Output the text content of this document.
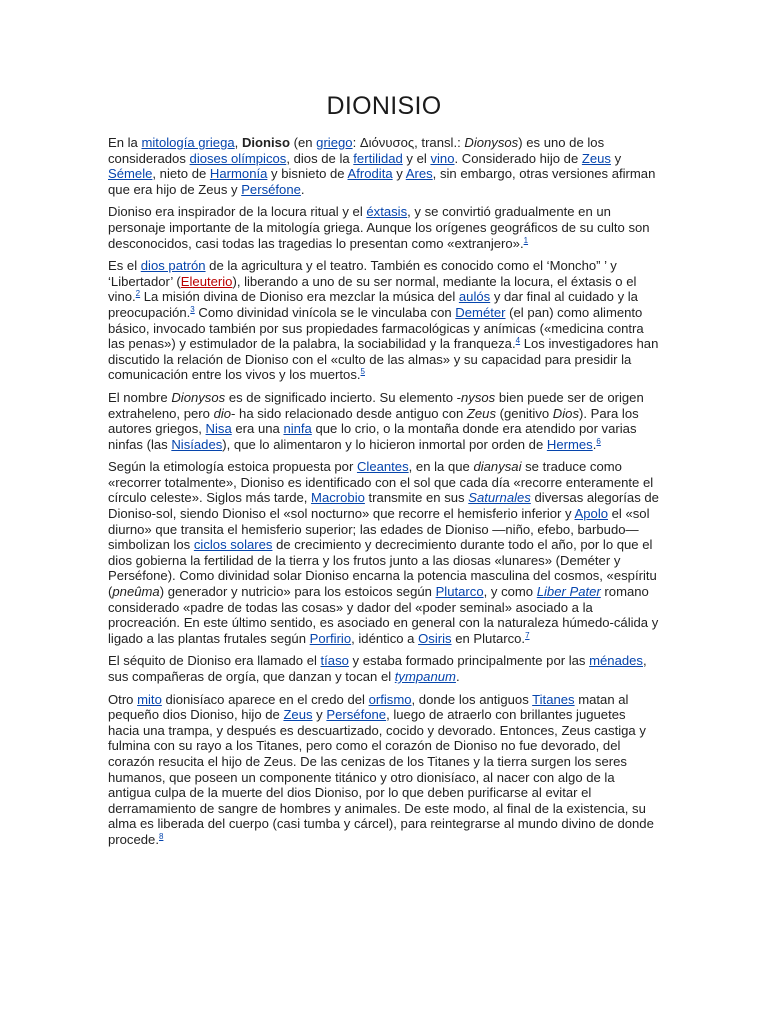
DIONISIO

En la mitología griega, Dioniso (en griego: Διόνυσος, transl.: Dionysos) es uno de los considerados dioses olímpicos, dios de la fertilidad y el vino. Considerado hijo de Zeus y Sémele, nieto de Harmonía y bisnieto de Afrodita y Ares, sin embargo, otras versiones afirman que era hijo de Zeus y Perséfone.

Dioniso era inspirador de la locura ritual y el éxtasis, y se convirtió gradualmente en un personaje importante de la mitología griega. Aunque los orígenes geográficos de su culto son desconocidos, casi todas las tragedias lo presentan como «extranjero».$^1$

Es el dios patrón de la agricultura y el teatro. También es conocido como el ‘Moncho” ’ y ‘Libertador’ (Eleuterio), liberando a uno de su ser normal, mediante la locura, el éxtasis o el vino.$^2$ La misión divina de Dioniso era mezclar la música del aulós y dar final al cuidado y la preocupación.$^3$ Como divinidad vinícola se le vinculaba con Deméter (el pan) como alimento básico, invocado también por sus propiedades farmacológicas y anímicas («medicina contra las penas») y estimulador de la palabra, la sociabilidad y la franqueza.$^4$ Los investigadores han discutido la relación de Dioniso con el «culto de las almas» y su capacidad para presidir la comunicación entre los vivos y los muertos.$^5$

El nombre Dionysos es de significado incierto. Su elemento -nysos bien puede ser de origen extraheleno, pero dio- ha sido relacionado desde antiguo con Zeus (genitivo Dios). Para los autores griegos, Nisa era una ninfa que lo crio, o la montaña donde era atendido por varias ninfas (las Nisíades), que lo alimentaron y lo hicieron inmortal por orden de Hermes.$^6$

Según la etimología estoica propuesta por Cleantes, en la que dianysai se traduce como «recorrer totalmente», Dioniso es identificado con el sol que cada día «recorre enteramente el círculo celeste». Siglos más tarde, Macrobio transmite en sus Saturnales diversas alegorías de Dioniso-sol, siendo Dioniso el «sol nocturno» que recorre el hemisferio inferior y Apolo el «sol diurno» que transita el hemisferio superior; las edades de Dioniso —niño, efebo, barbudo— simbolizan los ciclos solares de crecimiento y decrecimiento durante todo el año, por lo que el dios gobierna la fertilidad de la tierra y los frutos junto a las diosas «lunares» (Deméter y Perséfone). Como divinidad solar Dioniso encarna la potencia masculina del cosmos, «espíritu (pneûma) generador y nutricio» para los estoicos según Plutarco, y como Liber Pater romano considerado «padre de todas las cosas» y dador del «poder seminal» asociado a la procreación. En este último sentido, es asociado en general con la naturaleza húmedo-cálida y ligado a las plantas frutales según Porfirio, idéntico a Osiris en Plutarco.$^7$

El séquito de Dioniso era llamado el tíaso y estaba formado principalmente por las ménades, sus compañeras de orgía, que danzan y tocan el tympanum.

Otro mito dionisíaco aparece en el credo del orfismo, donde los antiguos Titanes matan al pequeño dios Dioniso, hijo de Zeus y Perséfone, luego de atraerlo con brillantes juguetes hacia una trampa, y después es descuartizado, cocido y devorado. Entonces, Zeus castiga y fulmina con su rayo a los Titanes, pero como el corazón de Dioniso no fue devorado, del corazón resucita el hijo de Zeus. De las cenizas de los Titanes y la tierra surgen los seres humanos, que poseen un componente titánico y otro dionisíaco, al nacer con algo de la antigua culpa de la muerte del dios Dioniso, por lo que deben purificarse al evitar el derramamiento de sangre de hombres y animales. De este modo, al final de la existencia, su alma es liberada del cuerpo (casi tumba y cárcel), para reintegrarse al mundo divino de donde procede.$^8$
